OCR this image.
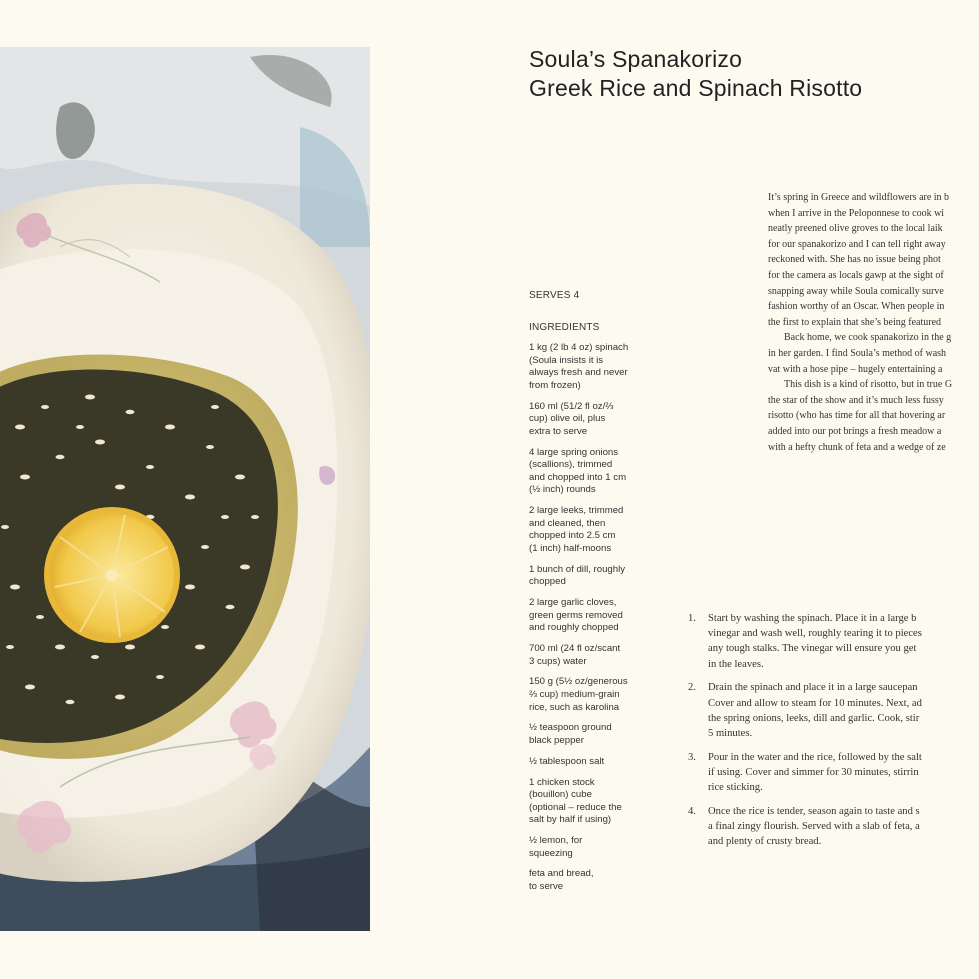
Soula’s Spanakorizo
Greek Rice and Spinach Risotto
It’s spring in Greece and wildflowers are in b
when I arrive in the Peloponnese to cook wi
neatly preened olive groves to the local laik
for our spanakorizo and I can tell right away
reckoned with. She has no issue being phot
for the camera as locals gawp at the sight of
snapping away while Soula comically surve
fashion worthy of an Oscar. When people in
the first to explain that she’s being featured
Back home, we cook spanakorizo in the g
in her garden. I find Soula’s method of wash
vat with a hose pipe – hugely entertaining a
This dish is a kind of risotto, but in true G
the star of the show and it’s much less fussy
risotto (who has time for all that hovering ar
added into our pot brings a fresh meadow a
with a hefty chunk of feta and a wedge of ze
SERVES 4
INGREDIENTS
1 kg (2 lb 4 oz) spinach
(Soula insists it is
always fresh and never
from frozen)
160 ml (51/2 fl oz/⅔
cup) olive oil, plus
extra to serve
4 large spring onions
(scallions), trimmed
and chopped into 1 cm
(½ inch) rounds
2 large leeks, trimmed
and cleaned, then
chopped into 2.5 cm
(1 inch) half-moons
1 bunch of dill, roughly
chopped
2 large garlic cloves,
green germs removed
and roughly chopped
700 ml (24 fl oz/scant
3 cups) water
150 g (5½ oz/generous
⅔ cup) medium-grain
rice, such as karolina
½ teaspoon ground
black pepper
½ tablespoon salt
1 chicken stock
(bouillon) cube
(optional – reduce the
salt by half if using)
½ lemon, for
squeezing
feta and bread,
to serve
1. Start by washing the spinach. Place it in a large b
vinegar and wash well, roughly tearing it to pieces
any tough stalks. The vinegar will ensure you get
in the leaves.
2. Drain the spinach and place it in a large saucepan
Cover and allow to steam for 10 minutes. Next, ad
the spring onions, leeks, dill and garlic. Cook, stir
5 minutes.
3. Pour in the water and the rice, followed by the salt
if using. Cover and simmer for 30 minutes, stirrin
rice sticking.
4. Once the rice is tender, season again to taste and s
a final zingy flourish. Served with a slab of feta, a
and plenty of crusty bread.
